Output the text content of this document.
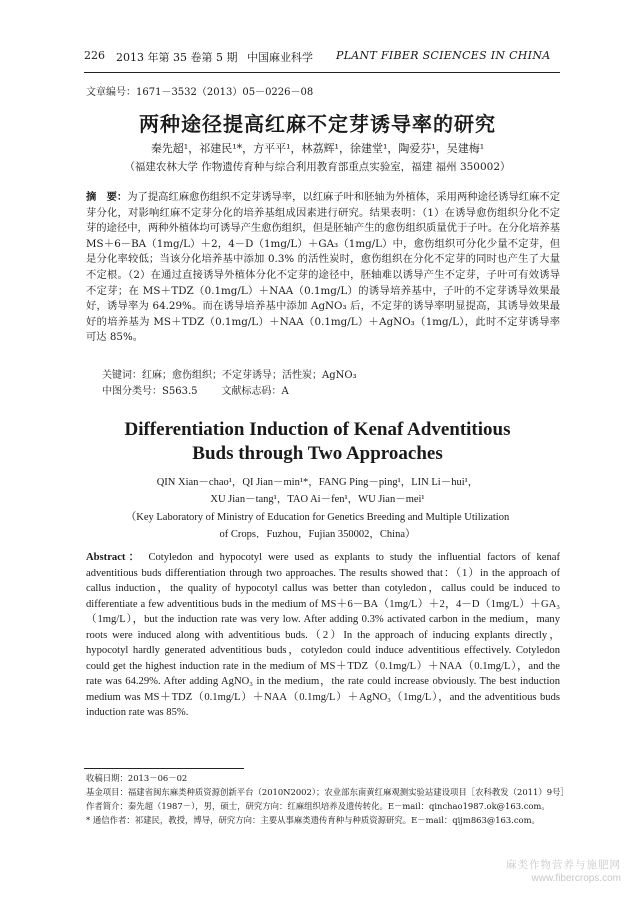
226 2013 年第 35 卷第 5 期 中国麻业科学 PLANT FIBER SCIENCES IN CHINA
文章编号：1671－3532（2013）05－0226－08
两种途径提高红麻不定芽诱导率的研究
秦先超¹，祁建民¹*，方平平¹，林荔辉¹，徐建堂¹，陶爱芬¹，吴建梅¹
（福建农林大学 作物遗传育种与综合利用教育部重点实验室，福建 福州 350002）
摘　要：为了提高红麻愈伤组织不定芽诱导率，以红麻子叶和胚轴为外植体，采用两种途径诱导红麻不定芽分化，对影响红麻不定芽分化的培养基组成因素进行研究。结果表明：（1）在诱导愈伤组织分化不定芽的途径中，两种外植体均可诱导产生愈伤组织，但是胚轴产生的愈伤组织质量优于子叶。在分化培养基 MS＋6－BA（1mg/L）＋2，4－D（1mg/L）＋GA₃（1mg/L）中，愈伤组织可分化少量不定芽，但是分化率较低；当该分化培养基中添加 0.3% 的活性炭时，愈伤组织在分化不定芽的同时也产生了大量不定根。（2）在通过直接诱导外植体分化不定芽的途径中，胚轴难以诱导产生不定芽，子叶可有效诱导不定芽；在 MS＋TDZ（0.1mg/L）＋NAA（0.1mg/L）的诱导培养基中，子叶的不定芽诱导效果最好，诱导率为 64.29%。而在诱导培养基中添加 AgNO₃ 后，不定芽的诱导率明显提高，其诱导效果最好的培养基为 MS＋TDZ（0.1mg/L）＋NAA（0.1mg/L）＋AgNO₃（1mg/L），此时不定芽诱导率可达 85%。
关键词：红麻；愈伤组织；不定芽诱导；活性炭；AgNO₃
中图分类号：S563.5 文献标志码：A
Differentiation Induction of Kenaf Adventitious
Buds through Two Approaches
QIN Xian－chao¹，QI Jian－min¹*，FANG Ping－ping¹，LIN Li－hui¹，
XU Jian－tang¹，TAO Ai－fen¹，WU Jian－mei¹
（Key Laboratory of Ministry of Education for Genetics Breeding and Multiple Utilization
of Crops．Fuzhou，Fujian 350002，China）
Abstract： Cotyledon and hypocotyl were used as explants to study the influential factors of kenaf adventitious buds differentiation through two approaches. The results showed that：（1）in the approach of callus induction，the quality of hypocotyl callus was better than cotyledon，callus could be induced to differentiate a few adventitious buds in the medium of MS＋6－BA（1mg/L）＋2，4－D（1mg/L）＋GA₃（1mg/L），but the induction rate was very low. After adding 0.3% activated carbon in the medium，many roots were induced along with adventitious buds.（2）In the approach of inducing explants directly，hypocotyl hardly generated adventitious buds，cotyledon could induce adventitious effectively. Cotyledon could get the highest induction rate in the medium of MS＋TDZ（0.1mg/L）＋NAA（0.1mg/L），and the rate was 64.29%. After adding AgNO₃ in the medium，the rate could increase obviously. The best induction medium was MS＋TDZ（0.1mg/L）＋NAA（0.1mg/L）＋AgNO₃（1mg/L），and the adventitious buds induction rate was 85%.
收稿日期：2013－06－02
基金项目：福建省闽东麻类种质资源创新平台（2010N2002）；农业部东南黄红麻观测实验站建设项目［农科教发（2011）9号］
作者简介：秦先超（1987－），男，硕士，研究方向：红麻组织培养及遗传转化。E－mail：qinchao1987.ok@163.com。
* 通信作者：祁建民，教授，博导，研究方向：主要从事麻类遗传育种与种质资源研究。E－mail：qijm863@163.com。
麻类作物营养与施肥网
www.fibercrops.com
